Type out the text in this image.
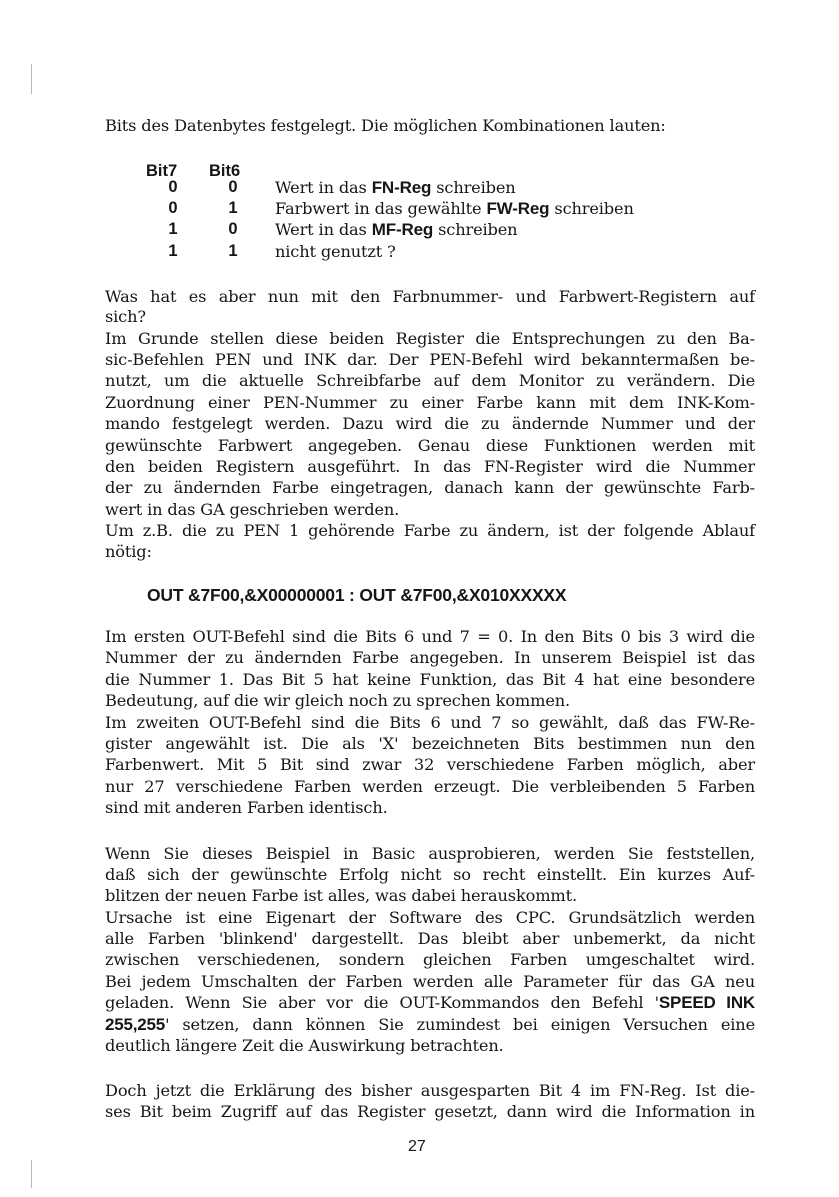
Bits des Datenbytes festgelegt. Die möglichen Kombinationen lauten:
Bit7 Bit6
0	0	Wert in das FN-Reg schreiben
0	1	Farbwert in das gewählte FW-Reg schreiben
1	0	Wert in das MF-Reg schreiben
1	1	nicht genutzt ?
Was hat es aber nun mit den Farbnummer- und Farbwert-Registern auf
sich?
Im Grunde stellen diese beiden Register die Entsprechungen zu den Ba-
sic-Befehlen PEN und INK dar. Der PEN-Befehl wird bekanntermaßen be-
nutzt, um die aktuelle Schreibfarbe auf dem Monitor zu verändern. Die
Zuordnung einer PEN-Nummer zu einer Farbe kann mit dem INK-Kom-
mando festgelegt werden. Dazu wird die zu ändernde Nummer und der
gewünschte Farbwert angegeben. Genau diese Funktionen werden mit
den beiden Registern ausgeführt. In das FN-Register wird die Nummer
der zu ändernden Farbe eingetragen, danach kann der gewünschte Farb-
wert in das GA geschrieben werden.
Um z.B. die zu PEN 1 gehörende Farbe zu ändern, ist der folgende Ablauf
nötig:
OUT &7F00,&X00000001 : OUT &7F00,&X010XXXXX
Im ersten OUT-Befehl sind die Bits 6 und 7 = 0. In den Bits 0 bis 3 wird die
Nummer der zu ändernden Farbe angegeben. In unserem Beispiel ist das
die Nummer 1. Das Bit 5 hat keine Funktion, das Bit 4 hat eine besondere
Bedeutung, auf die wir gleich noch zu sprechen kommen.
Im zweiten OUT-Befehl sind die Bits 6 und 7 so gewählt, daß das FW-Re-
gister angewählt ist. Die als 'X' bezeichneten Bits bestimmen nun den
Farbenwert. Mit 5 Bit sind zwar 32 verschiedene Farben möglich, aber
nur 27 verschiedene Farben werden erzeugt. Die verbleibenden 5 Farben
sind mit anderen Farben identisch.
Wenn Sie dieses Beispiel in Basic ausprobieren, werden Sie feststellen,
daß sich der gewünschte Erfolg nicht so recht einstellt. Ein kurzes Auf-
blitzen der neuen Farbe ist alles, was dabei herauskommt.
Ursache ist eine Eigenart der Software des CPC. Grundsätzlich werden
alle Farben 'blinkend' dargestellt. Das bleibt aber unbemerkt, da nicht
zwischen verschiedenen, sondern gleichen Farben umgeschaltet wird.
Bei jedem Umschalten der Farben werden alle Parameter für das GA neu
geladen. Wenn Sie aber vor die OUT-Kommandos den Befehl 'SPEED INK
255,255' setzen, dann können Sie zumindest bei einigen Versuchen eine
deutlich längere Zeit die Auswirkung betrachten.
Doch jetzt die Erklärung des bisher ausgesparten Bit 4 im FN-Reg. Ist die-
ses Bit beim Zugriff auf das Register gesetzt, dann wird die Information in
27
